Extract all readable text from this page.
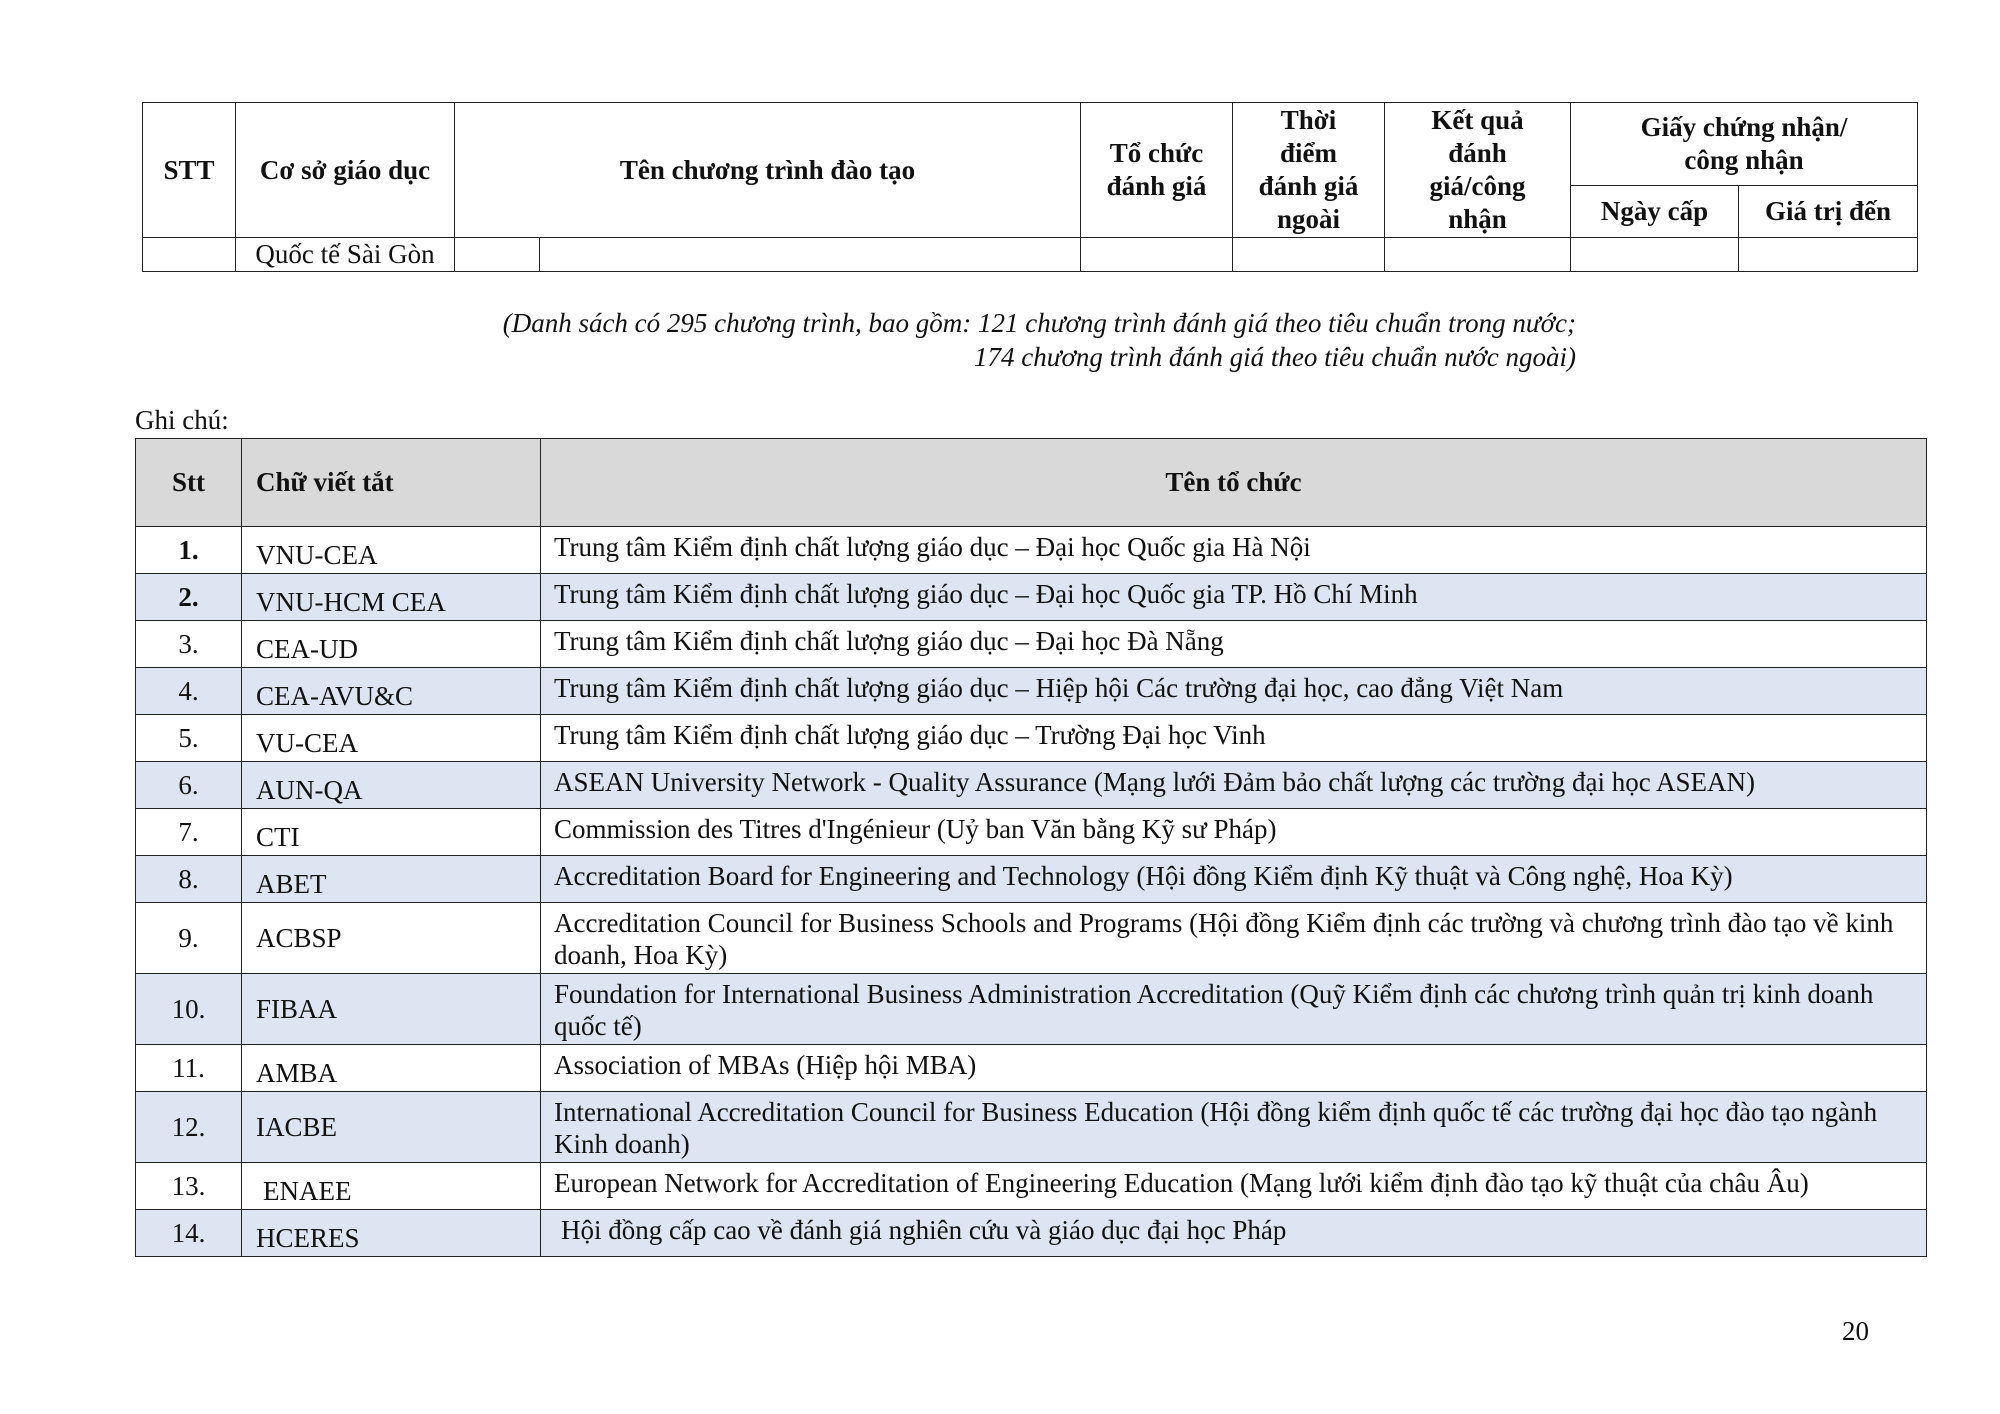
STT	Cơ sở giáo dục	Tên chương trình đào tạo		Tổ chức đánh giá	Thời điểm đánh giá ngoài	Kết quả đánh giá/công nhận	Giấy chứng nhận/ công nhận	
							Ngày cấp	Giá trị đến
	Quốc tế Sài Gòn							
(Danh sách có 295 chương trình, bao gồm: 121 chương trình đánh giá theo tiêu chuẩn trong nước;
174 chương trình đánh giá theo tiêu chuẩn nước ngoài)
Ghi chú:
Stt	Chữ viết tắt	Tên tổ chức
1.	VNU-CEA	Trung tâm Kiểm định chất lượng giáo dục – Đại học Quốc gia Hà Nội
2.	VNU-HCM CEA	Trung tâm Kiểm định chất lượng giáo dục – Đại học Quốc gia TP. Hồ Chí Minh
3.	CEA-UD	Trung tâm Kiểm định chất lượng giáo dục – Đại học Đà Nẵng
4.	CEA-AVU&C	Trung tâm Kiểm định chất lượng giáo dục – Hiệp hội Các trường đại học, cao đẳng Việt Nam
5.	VU-CEA	Trung tâm Kiểm định chất lượng giáo dục – Trường Đại học Vinh
6.	AUN-QA	ASEAN University Network - Quality Assurance (Mạng lưới Đảm bảo chất lượng các trường đại học ASEAN)
7.	CTI	Commission des Titres d'Ingénieur (Uỷ ban Văn bằng Kỹ sư Pháp)
8.	ABET	Accreditation Board for Engineering and Technology (Hội đồng Kiểm định Kỹ thuật và Công nghệ, Hoa Kỳ)
9.	ACBSP	Accreditation Council for Business Schools and Programs (Hội đồng Kiểm định các trường và chương trình đào tạo về kinh doanh, Hoa Kỳ)
10.	FIBAA	Foundation for International Business Administration Accreditation (Quỹ Kiểm định các chương trình quản trị kinh doanh quốc tế)
11.	AMBA	Association of MBAs (Hiệp hội MBA)
12.	IACBE	International Accreditation Council for Business Education (Hội đồng kiểm định quốc tế các trường đại học đào tạo ngành Kinh doanh)
13.	ENAEE	European Network for Accreditation of Engineering Education (Mạng lưới kiểm định đào tạo kỹ thuật của châu Âu)
14.	HCERES	Hội đồng cấp cao về đánh giá nghiên cứu và giáo dục đại học Pháp
20
